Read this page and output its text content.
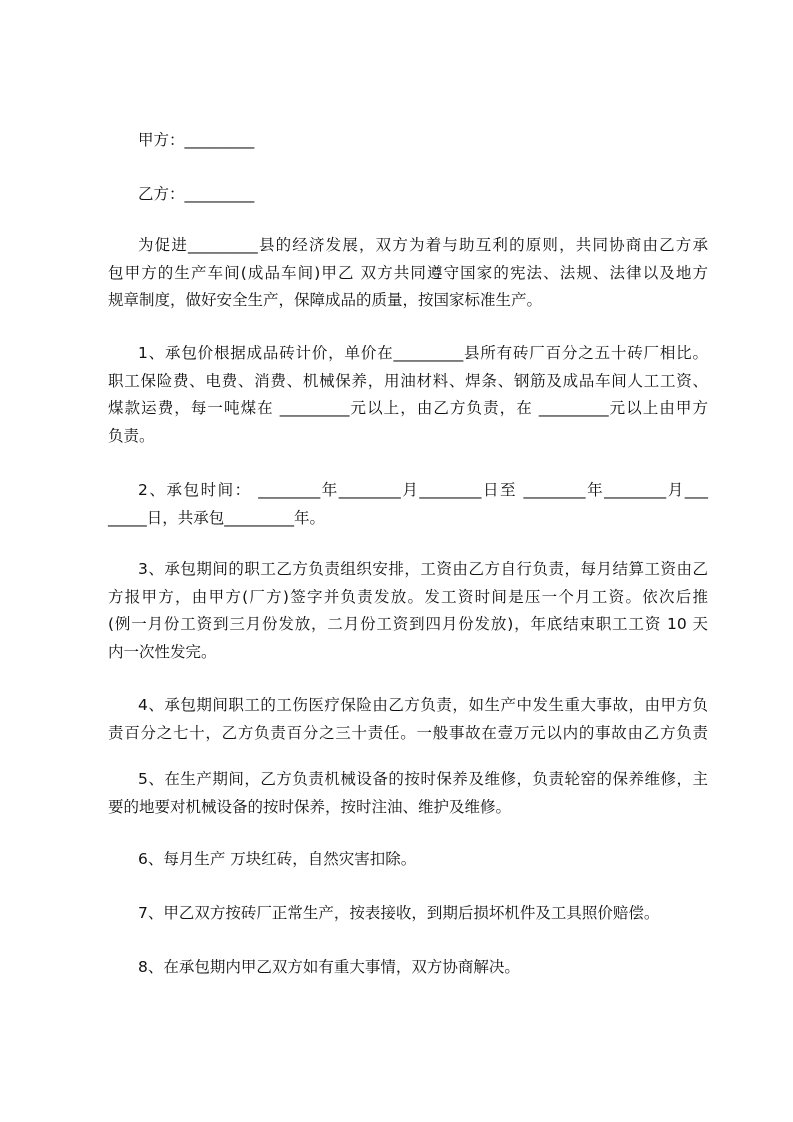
甲方：_________
乙方：_________
为促进_________县的经济发展，双方为着与助互利的原则，共同协商由乙方承
包甲方的生产车间(成品车间)甲乙 双方共同遵守国家的宪法、法规、法律以及地方
规章制度，做好安全生产，保障成品的质量，按国家标准生产。
1、承包价根据成品砖计价，单价在_________县所有砖厂百分之五十砖厂相比。
职工保险费、电费、消费、机械保养，用油材料、焊条、钢筋及成品车间人工工资、
煤款运费，每一吨煤在 _________元以上，由乙方负责，在 _________元以上由甲方
负责。
2、承包时间： ________年________月________日至 ________年________月___
_____日，共承包_________年。
3、承包期间的职工乙方负责组织安排，工资由乙方自行负责，每月结算工资由乙
方报甲方，由甲方(厂方)签字并负责发放。发工资时间是压一个月工资。依次后推
(例一月份工资到三月份发放，二月份工资到四月份发放)，年底结束职工工资 10 天
内一次性发完。
4、承包期间职工的工伤医疗保险由乙方负责，如生产中发生重大事故，由甲方负
责百分之七十，乙方负责百分之三十责任。一般事故在壹万元以内的事故由乙方负责
5、在生产期间，乙方负责机械设备的按时保养及维修，负责轮窑的保养维修，主
要的地要对机械设备的按时保养，按时注油、维护及维修。
6、每月生产 万块红砖，自然灾害扣除。
7、甲乙双方按砖厂正常生产，按表接收，到期后损坏机件及工具照价赔偿。
8、在承包期内甲乙双方如有重大事情，双方协商解决。
